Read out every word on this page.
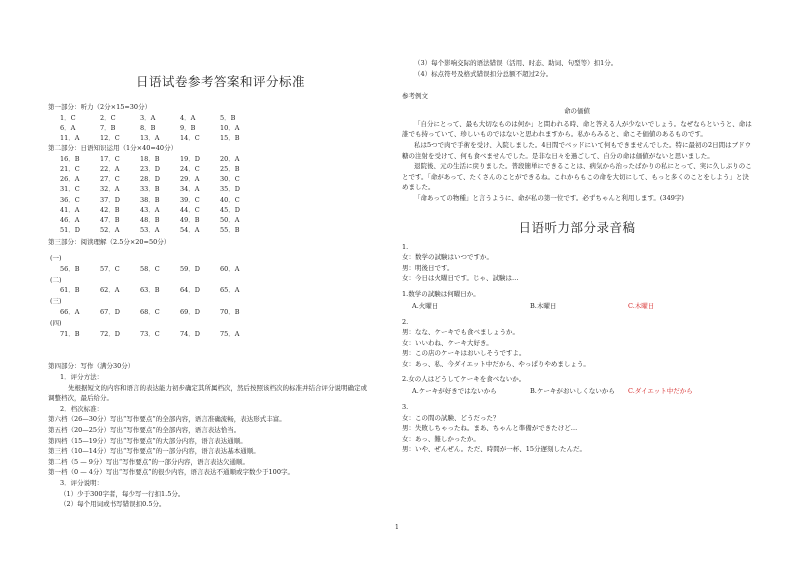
日语试卷参考答案和评分标准
第一部分：听力（2分×15=30分）
1．C	2．C	3．A	4．A	5．B
6．A	7．B	8．B	9．B	10．A
11．A	12．C	13．A	14．C	15．B
第二部分：日语知识运用（1分×40=40分）
16．B	17．C	18．B	19．D	20．A
21．C	22．A	23．D	24．C	25．B
26．A	27．C	28．D	29．A	30．C
31．C	32．A	33．B	34．A	35．D
36．C	37．D	38．B	39．C	40．C
41．A	42．B	43．A	44．C	45．D
46．A	47．B	48．B	49．B	50．A
51．D	52．A	53．A	54．A	55．B
第三部分：阅读理解（2.5分×20=50分）
(一)
56．B	57．C	58．C	59．D	60．A
(二)
61．B	62．A	63．B	64．D	65．A
(三)
66．A	67．D	68．C	69．D	70．B
(四)
71．B	72．D	73．C	74．D	75．A
第四部分：写作（满分30分）
1．评分方法：
先根据短文的内容和语言的表达能力初步确定其所属档次，然后按照该档次的标准并结合评分说明确定或
调整档次，最后给分。
2．档次标准：
第六档（26—30分）写出“写作要点”的全部内容，语言准确流畅，表达形式丰富。
第五档（20—25分）写出“写作要点”的全部内容，语言表达恰当。
第四档（15—19分）写出“写作要点”的大部分内容，语言表达通顺。
第三档（10—14分）写出“写作要点”的一部分内容，语言表达基本通顺。
第二档（5 — 9分）写出“写作要点”的一部分内容，语言表达欠通顺。
第一档（0 — 4分）写出“写作要点”的很少内容，语言表达不通顺或字数少于100字。
3．评分说明：
（1）少于300字者，每少写一行扣1.5分。
（2）每个用词或书写错误扣0.5分。
（3）每个影响交际的语法错误（活用、时态、助词、句型等）扣1分。
（4）标点符号及格式错误扣分总额不超过2分。
参考例文
命の価値
「自分にとって、最も大切なものは何か」と問われる時、命と答える人が少ないでしょう。なぜならというと、命は誰でも持っていて、珍しいものではないと思われますから。私からみると、命こそ価値のあるものです。
私は5つで肉で手術を受け、入院しました。4日間でベッドにいて何もできませんでした。特に最初の2日間はブドウ糖の注射を受けて、何も食べませんでした。是非な日々を過ごして、自分の命は価値がないと思いました。
退院後、元の生活に戻りました。普段簡単にできることは、病気から治ったばかりの私にとって、実に久しぶりのことです。「命があって、たくさんのことができるね。これからもこの命を大切にして、もっと多くのことをしよう」と決めました。
「命あっての物種」と言うように、命が私の第一位です。必ずちゃんと利用します。(349字)
日语听力部分录音稿
1.
女：数学の試験はいつですか。
男：明後日です。
女：今日は火曜日です。じゃ、試験は…
1.数学の試験は何曜日か。
A.火曜日	B.木曜日	C.木曜日
2.
男：なな、ケーキでも食べましょうか。
女：いいわね、ケーキ大好き。
男：この店のケーキはおいしそうですよ。
女：あっ、私、今ダイエット中だから、やっぱりやめましょう。
2.女の人はどうしてケーキを食べないか。
A.ケーキが好きではないから	B.ケーキがおいしくないから	C.ダイエット中だから
3.
女：この間の試験、どうだった？
男：失敗しちゃったね。まあ、ちゃんと準備ができたけど…
女：あっ、難しかったか。
男：いや、ぜんぜん。ただ、時間が一杯、15分遅刻したんだ。
1
